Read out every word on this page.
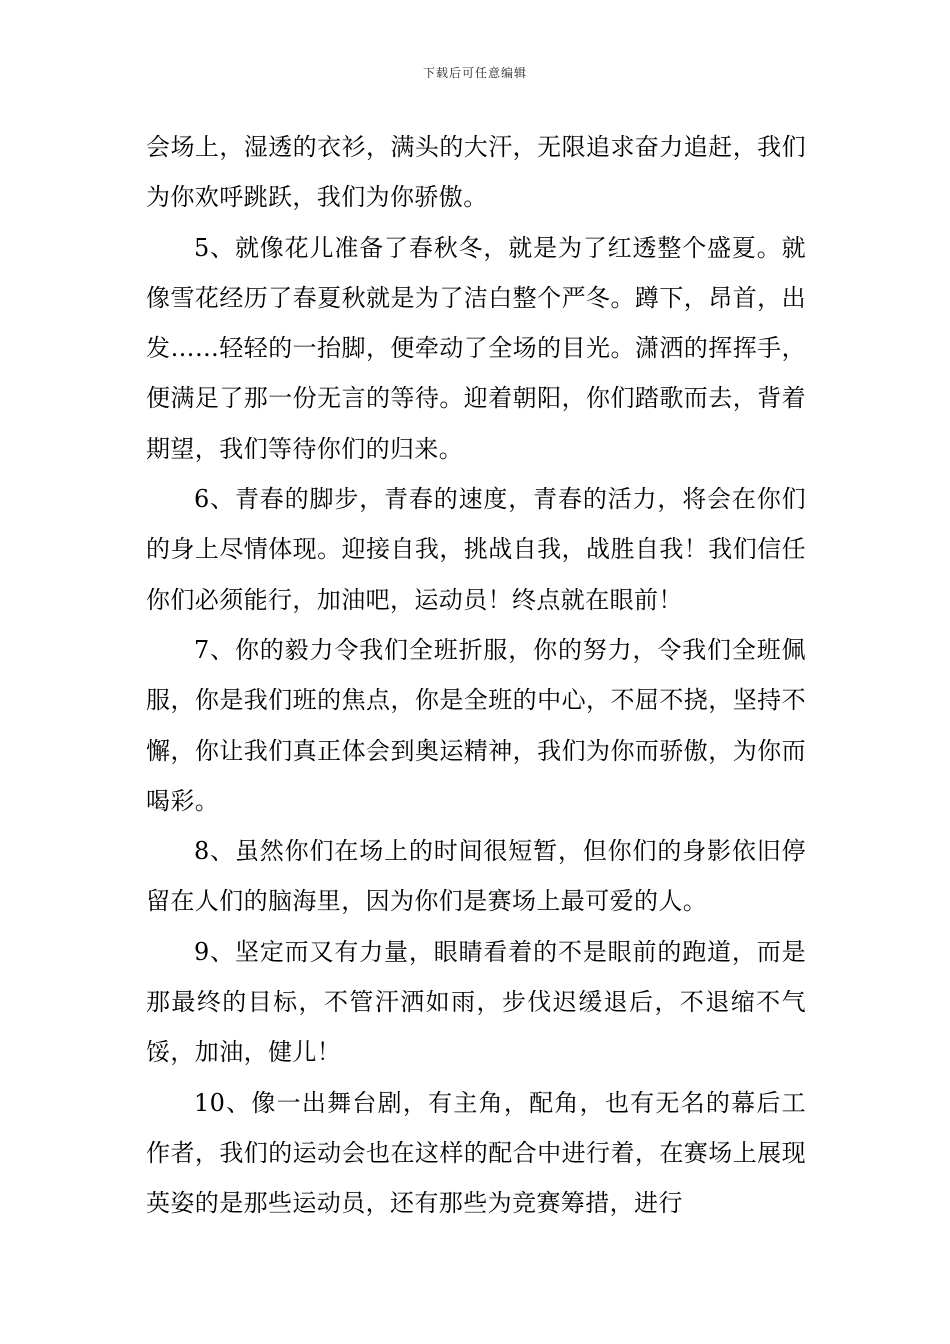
下载后可任意编辑

会场上，湿透的衣衫，满头的大汗，无限追求奋力追赶，我们为你欢呼跳跃，我们为你骄傲。

5、就像花儿准备了春秋冬，就是为了红透整个盛夏。就像雪花经历了春夏秋就是为了洁白整个严冬。蹲下，昂首，出发……轻轻的一抬脚，便牵动了全场的目光。潇洒的挥挥手，便满足了那一份无言的等待。迎着朝阳，你们踏歌而去，背着期望，我们等待你们的归来。

6、青春的脚步，青春的速度，青春的活力，将会在你们的身上尽情体现。迎接自我，挑战自我，战胜自我！我们信任你们必须能行，加油吧，运动员！终点就在眼前！

7、你的毅力令我们全班折服，你的努力，令我们全班佩服，你是我们班的焦点，你是全班的中心，不屈不挠，坚持不懈，你让我们真正体会到奥运精神，我们为你而骄傲，为你而喝彩。

8、虽然你们在场上的时间很短暂，但你们的身影依旧停留在人们的脑海里，因为你们是赛场上最可爱的人。

9、坚定而又有力量，眼睛看着的不是眼前的跑道，而是那最终的目标，不管汗洒如雨，步伐迟缓退后，不退缩不气馁，加油，健儿！

10、像一出舞台剧，有主角，配角，也有无名的幕后工作者，我们的运动会也在这样的配合中进行着，在赛场上展现英姿的是那些运动员，还有那些为竞赛筹措，进行
